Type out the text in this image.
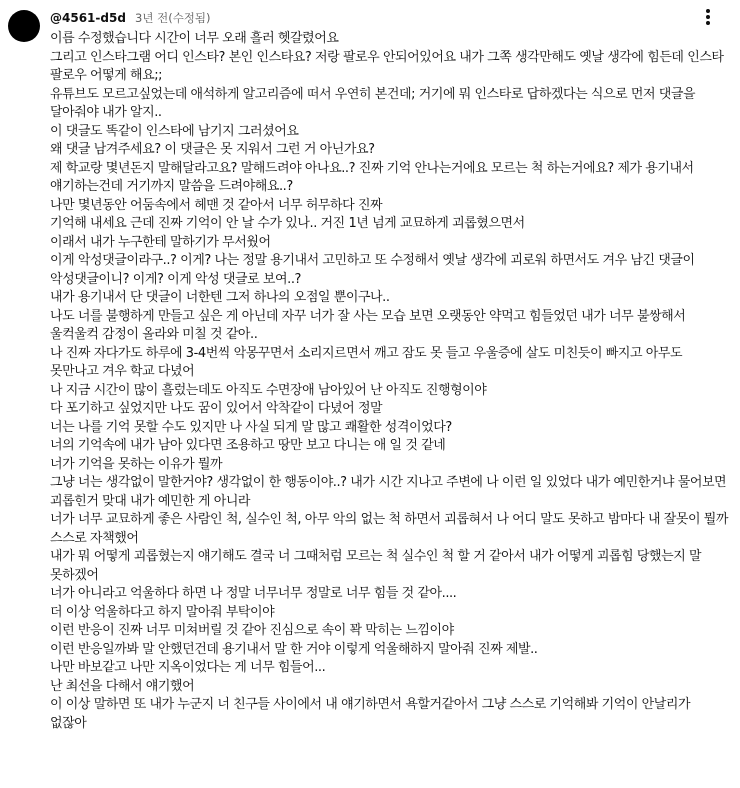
@4561-d5d 3년 전(수정됨)

이름 수정했습니다 시간이 너무 오래 흘러 헷갈렸어요

그리고 인스타그램 어디 인스타? 본인 인스타요? 저랑 팔로우 안되어있어요 내가 그쪽 생각만해도 옛날 생각에 힘든데 인스타 팔로우 어떻게 해요;;

유튜브도 모르고싶었는데 애석하게 알고리즘에 떠서 우연히 본건데; 거기에 뭐 인스타로 답하겠다는 식으로 먼저 댓글을 달아줘야 내가 알지..

이 댓글도 똑같이 인스타에 남기지 그러셨어요

왜 댓글 남겨주세요? 이 댓글은 못 지워서 그런 거 아닌가요?

제 학교랑 몇년돈지 말해달라고요? 말해드려야 아나요..? 진짜 기억 안나는거에요 모르는 척 하는거에요? 제가 용기내서 얘기하는건데 거기까지 말씀을 드려야해요..?

나만 몇년동안 어둠속에서 헤맨 것 같아서 너무 허무하다 진짜

기억해 내세요 근데 진짜 기억이 안 날 수가 있나.. 거진 1년 넘게 교묘하게 괴롭혔으면서

이래서 내가 누구한테 말하기가 무서웠어

이게 악성댓글이라구..? 이게? 나는 정말 용기내서 고민하고 또 수정해서 옛날 생각에 괴로워 하면서도 겨우 남긴 댓글이 악성댓글이니? 이게? 이게 악성 댓글로 보여..?

내가 용기내서 단 댓글이 너한텐 그저 하나의 오점일 뿐이구나..

나도 너를 불행하게 만들고 싶은 게 아닌데 자꾸 너가 잘 사는 모습 보면 오랫동안 약먹고 힘들었던 내가 너무 불쌍해서 울컥울컥 감정이 올라와 미칠 것 같아..

나 진짜 자다가도 하루에 3-4번씩 악몽꾸면서 소리지르면서 깨고 잠도 못 들고 우울증에 살도 미친듯이 빠지고 아무도 못만나고 겨우 학교 다녔어

나 지금 시간이 많이 흘렀는데도 아직도 수면장애 남아있어 난 아직도 진행형이야

다 포기하고 싶었지만 나도 꿈이 있어서 악착같이 다녔어 정말

너는 나를 기억 못할 수도 있지만 나 사실 되게 말 많고 쾌활한 성격이었다?

너의 기억속에 내가 남아 있다면 조용하고 땅만 보고 다니는 애 일 것 같네

너가 기억을 못하는 이유가 뭘까

그냥 너는 생각없이 말한거야? 생각없이 한 행동이야..? 내가 시간 지나고 주변에 나 이런 일 있었다 내가 예민한거냐 물어보면 괴롭힌거 맞대 내가 예민한 게 아니라

너가 너무 교묘하게 좋은 사람인 척, 실수인 척, 아무 악의 없는 척 하면서 괴롭혀서 나 어디 말도 못하고 밤마다 내 잘못이 뭘까 스스로 자책했어

내가 뭐 어떻게 괴롭혔는지 얘기해도 결국 너 그때처럼 모르는 척 실수인 척 할 거 같아서 내가 어떻게 괴롭힘 당했는지 말 못하겠어

너가 아니라고 억울하다 하면 나 정말 너무너무 정말로 너무 힘들 것 같아....

더 이상 억울하다고 하지 말아줘 부탁이야

이런 반응이 진짜 너무 미쳐버릴 것 같아 진심으로 속이 꽉 막히는 느낌이야

이런 반응일까봐 말 안했던건데 용기내서 말 한 거야 이렇게 억울해하지 말아줘 진짜 제발..

나만 바보같고 나만 지옥이었다는 게 너무 힘들어...

난 최선을 다해서 얘기했어

이 이상 말하면 또 내가 누군지 너 친구들 사이에서 내 얘기하면서 욕할거같아서 그냥 스스로 기억해봐 기억이 안날리가 없잖아
